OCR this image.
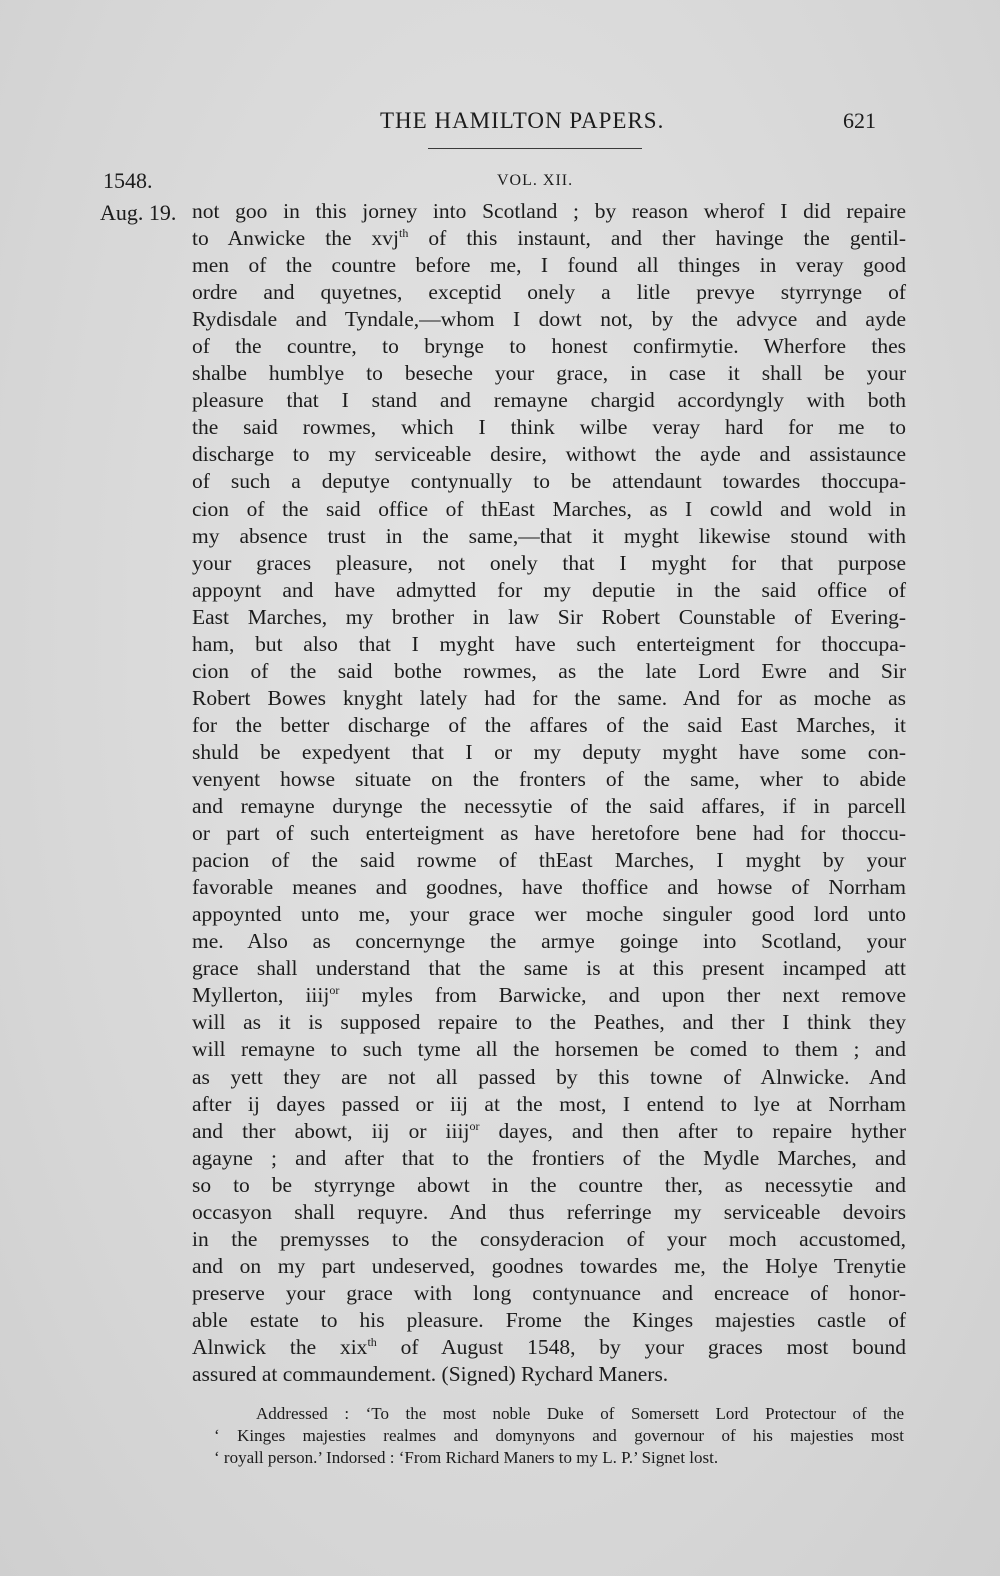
THE HAMILTON PAPERS.	621
1548.	VOL. XII.
Aug. 19. not goo in this jorney into Scotland ; by reason wherof I did repaire
to Anwicke the xvj$^{th}$ of this instaunt, and ther havinge the gentil-
men of the countre before me, I found all thinges in veray good
ordre and quyetnes, exceptid onely a litle prevye styrrynge of
Rydisdale and Tyndale,—whom I dowt not, by the advyce and ayde
of the countre, to brynge to honest confirmytie. Wherfore thes
shalbe humblye to beseche your grace, in case it shall be your
pleasure that I stand and remayne chargid accordyngly with both
the said rowmes, which I think wilbe veray hard for me to
discharge to my serviceable desire, withowt the ayde and assistaunce
of such a deputye contynually to be attendaunt towardes thoccupa-
cion of the said office of thEast Marches, as I cowld and wold in
my absence trust in the same,—that it myght likewise stound with
your graces pleasure, not onely that I myght for that purpose
appoynt and have admytted for my deputie in the said office of
East Marches, my brother in law Sir Robert Counstable of Evering-
ham, but also that I myght have such enterteigment for thoccupa-
cion of the said bothe rowmes, as the late Lord Ewre and Sir
Robert Bowes knyght lately had for the same. And for as moche as
for the better discharge of the affares of the said East Marches, it
shuld be expedyent that I or my deputy myght have some con-
venyent howse situate on the fronters of the same, wher to abide
and remayne durynge the necessytie of the said affares, if in parcell
or part of such enterteigment as have heretofore bene had for thoccu-
pacion of the said rowme of thEast Marches, I myght by your
favorable meanes and goodnes, have thoffice and howse of Norrham
appoynted unto me, your grace wer moche singuler good lord unto
me. Also as concernynge the armye goinge into Scotland, your
grace shall understand that the same is at this present incamped att
Myllerton, iiij$^{or}$ myles from Barwicke, and upon ther next remove
will as it is supposed repaire to the Peathes, and ther I think they
will remayne to such tyme all the horsemen be comed to them ; and
as yett they are not all passed by this towne of Alnwicke. And
after ij dayes passed or iij at the most, I entend to lye at Norrham
and ther abowt, iij or iiij$^{or}$ dayes, and then after to repaire hyther
agayne ; and after that to the frontiers of the Mydle Marches, and
so to be styrrynge abowt in the countre ther, as necessytie and
occasyon shall requyre. And thus referringe my serviceable devoirs
in the premysses to the consyderacion of your moch accustomed,
and on my part undeserved, goodnes towardes me, the Holye Trenytie
preserve your grace with long contynuance and encreace of honor-
able estate to his pleasure. Frome the Kinges majesties castle of
Alnwick the xix$^{th}$ of August 1548, by your graces most bound
assured at commaundement. (Signed) Rychard Maners.
Addressed : ‘To the most noble Duke of Somersett Lord Protectour of the
‘ Kinges majesties realmes and domynyons and governour of his majesties most
‘ royall person.’ Indorsed : ‘From Richard Maners to my L. P.’ Signet lost.
